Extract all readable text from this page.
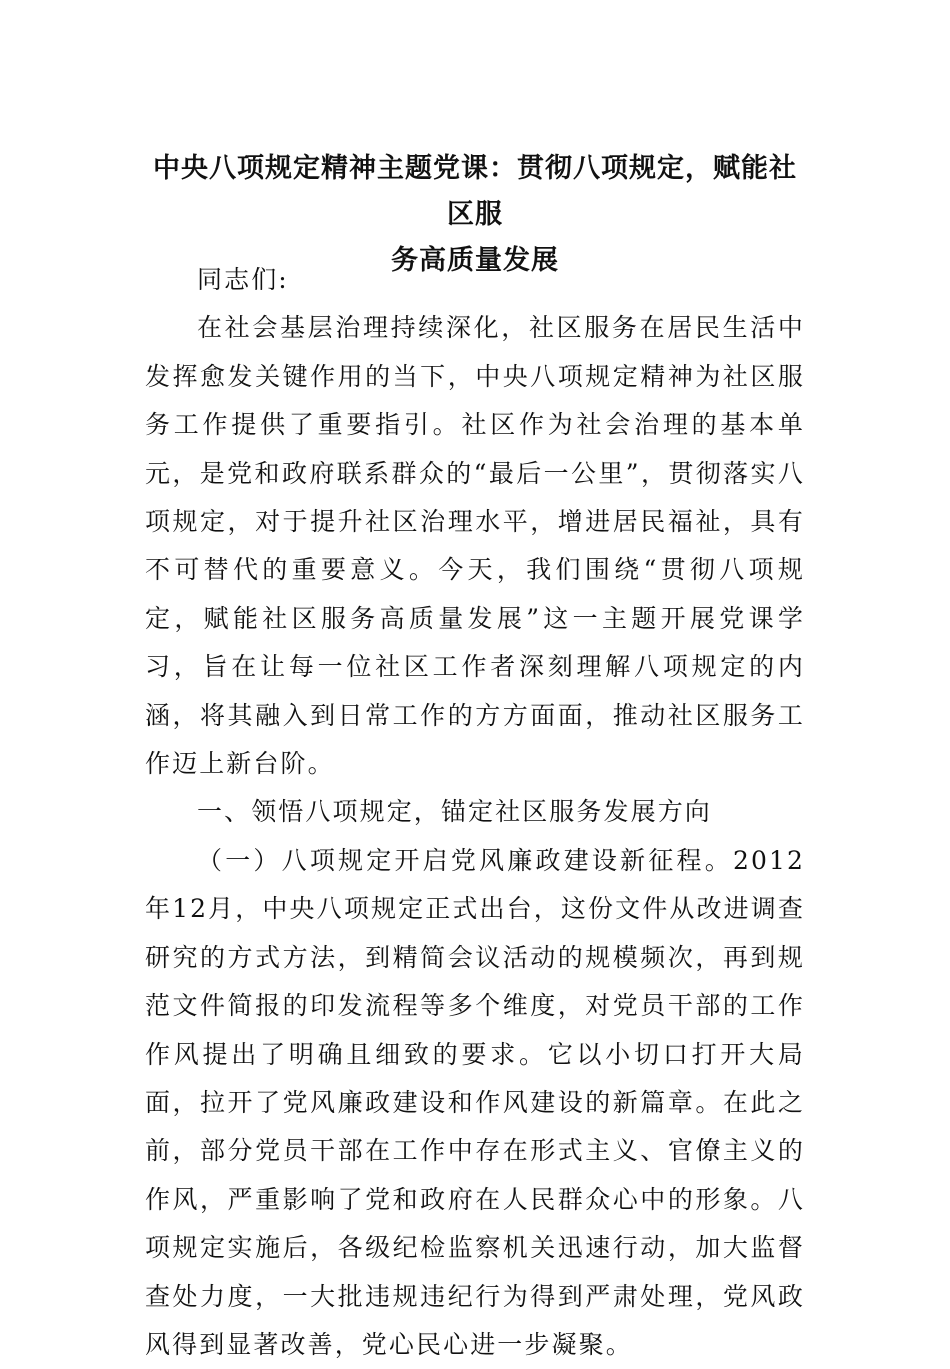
中央八项规定精神主题党课：贯彻八项规定，赋能社区服
务高质量发展

同志们:

在社会基层治理持续深化，社区服务在居民生活中发挥愈发关键作用的当下，中央八项规定精神为社区服务工作提供了重要指引。社区作为社会治理的基本单元，是党和政府联系群众的“最后一公里”，贯彻落实八项规定，对于提升社区治理水平，增进居民福祉，具有不可替代的重要意义。今天，我们围绕“贯彻八项规定，赋能社区服务高质量发展”这一主题开展党课学习，旨在让每一位社区工作者深刻理解八项规定的内涵，将其融入到日常工作的方方面面，推动社区服务工作迈上新台阶。

一、领悟八项规定，锚定社区服务发展方向

（一）八项规定开启党风廉政建设新征程。2012年12月，中央八项规定正式出台，这份文件从改进调查研究的方式方法，到精简会议活动的规模频次，再到规范文件简报的印发流程等多个维度，对党员干部的工作作风提出了明确且细致的要求。它以小切口打开大局面，拉开了党风廉政建设和作风建设的新篇章。在此之前，部分党员干部在工作中存在形式主义、官僚主义的作风，严重影响了党和政府在人民群众心中的形象。八项规定实施后，各级纪检监察机关迅速行动，加大监督查处力度，一大批违规违纪行为得到严肃处理，党风政风得到显著改善，党心民心进一步凝聚。
